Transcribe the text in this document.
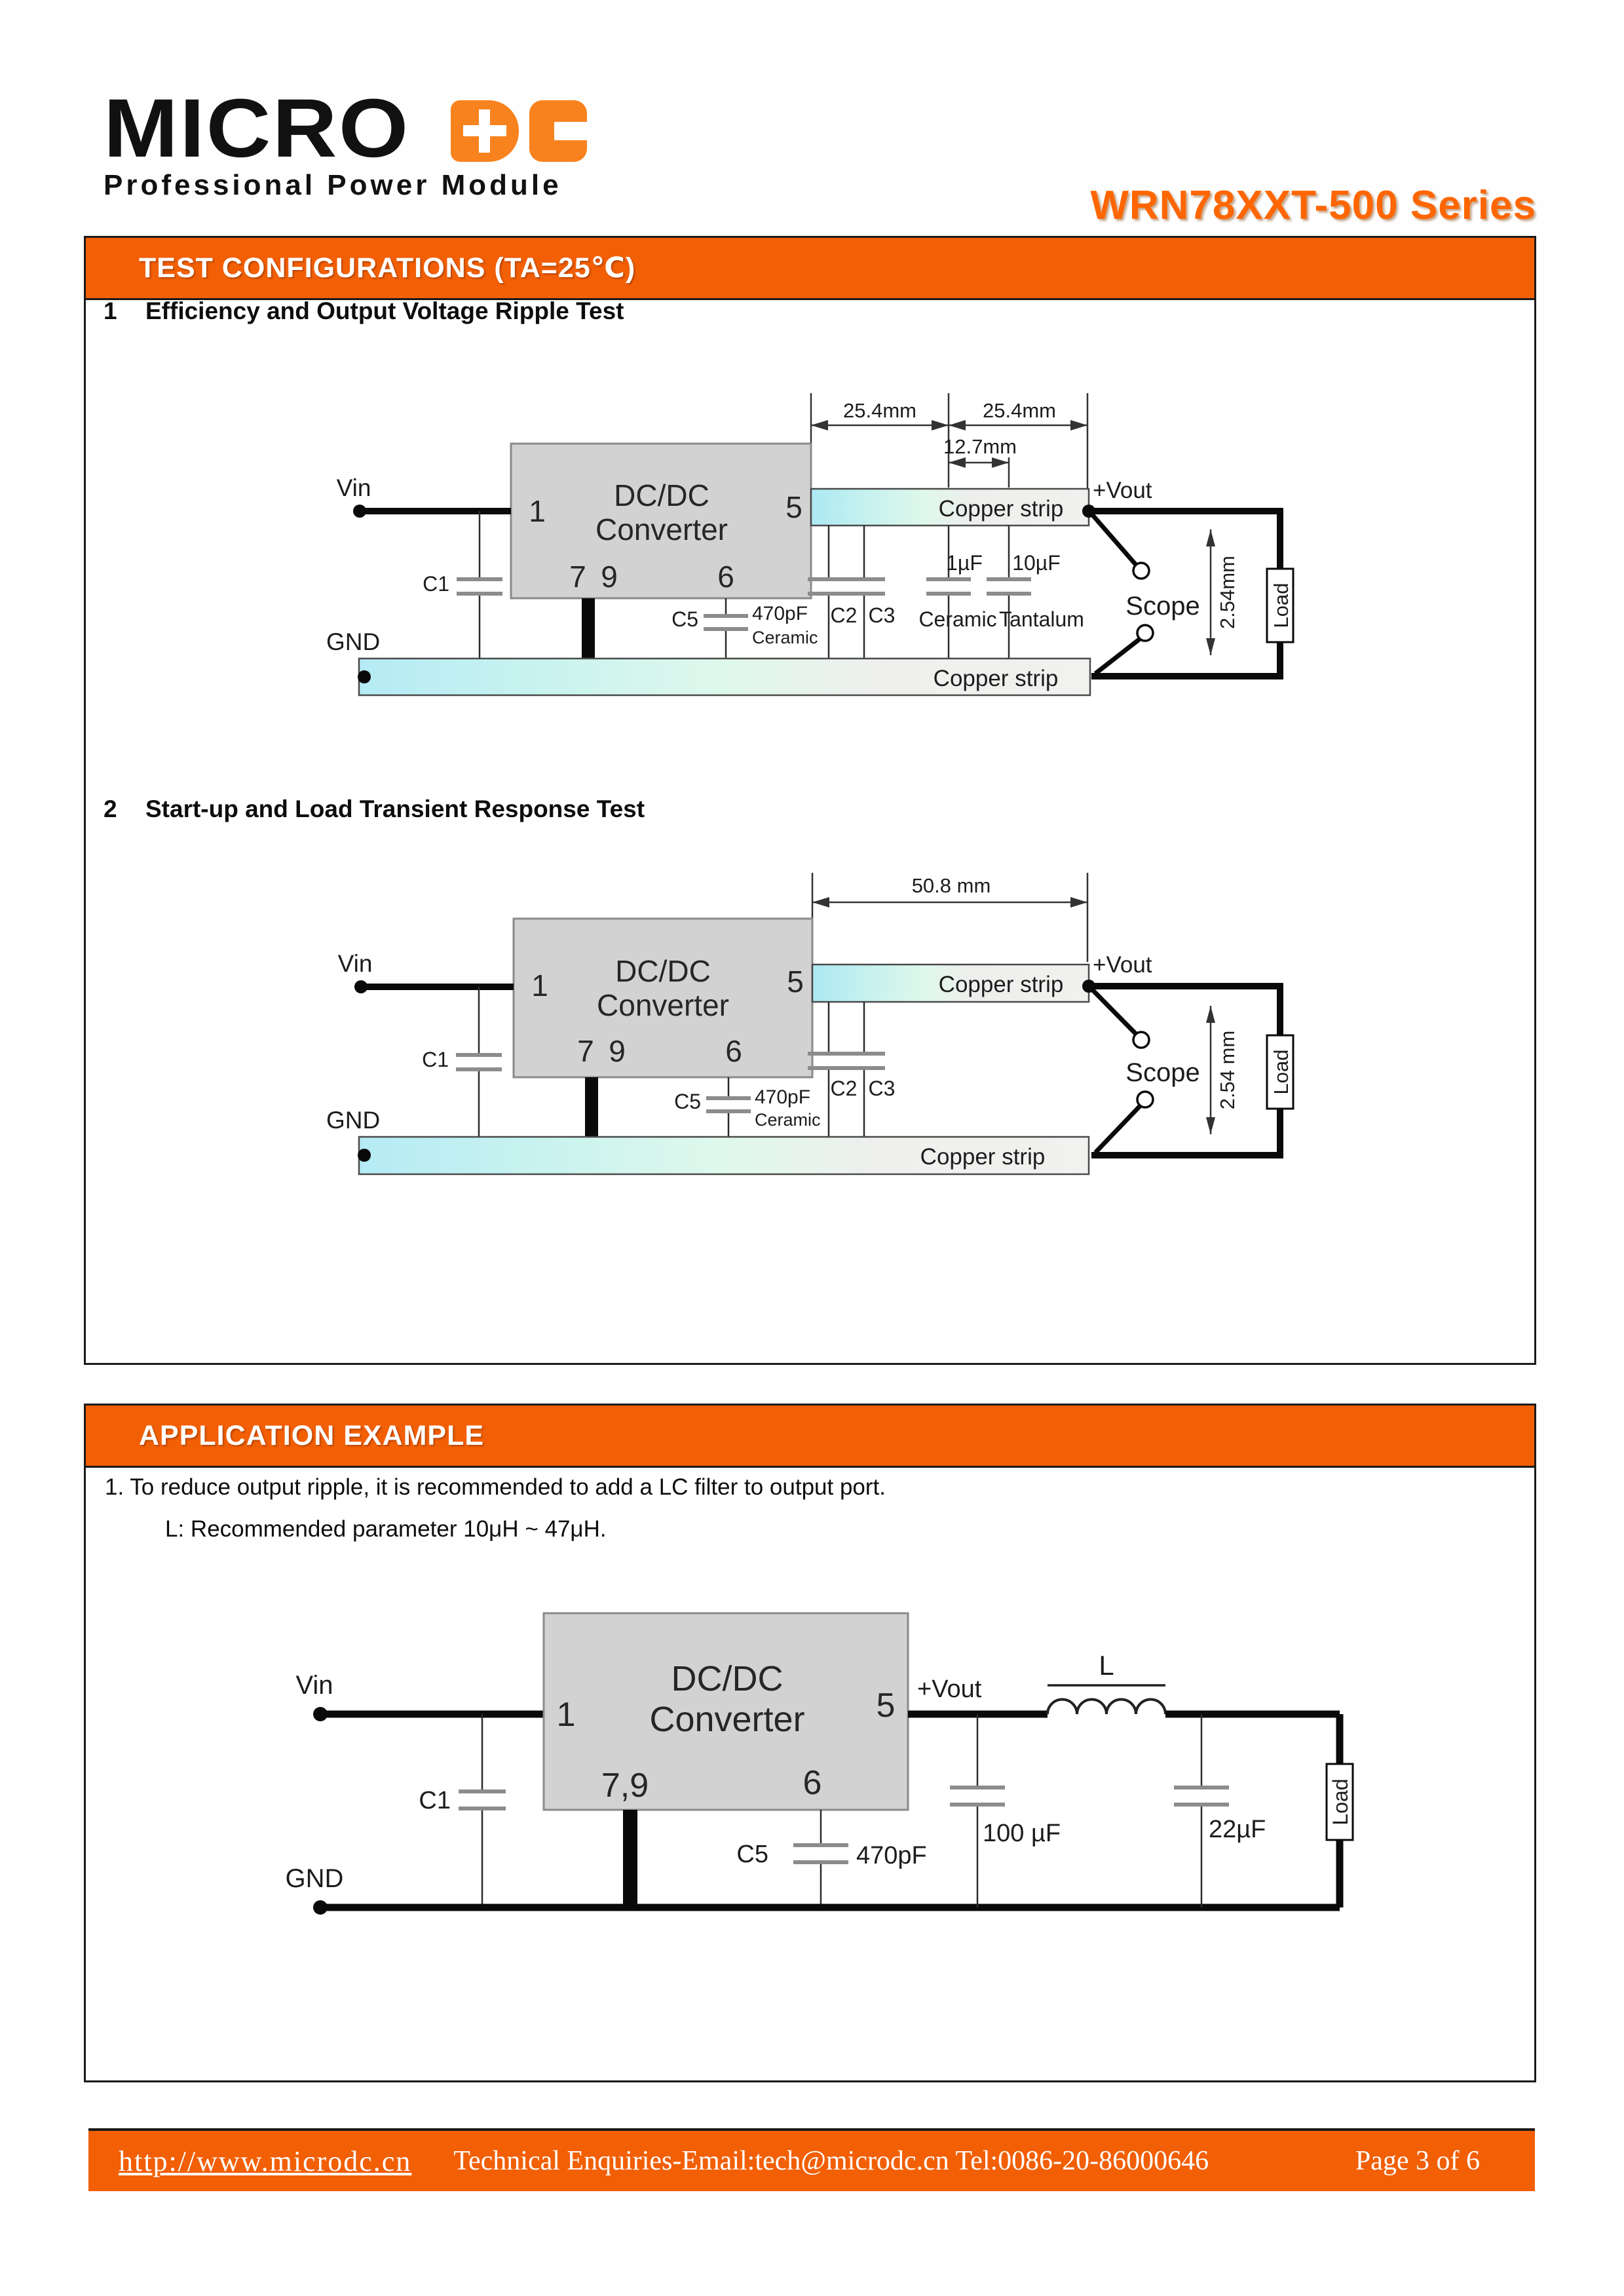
MICRO
Professional Power Module	WRN78XXT-500 Series
TEST CONFIGURATIONS (TA=25℃)
1	Efficiency and Output Voltage Ripple Test
25.4mm	25.4mm
12.7mm
DC/DC
Converter
1	5
7 9	6
Vin
C1
C5	470pF
Ceramic
Copper strip
+Vout
Load
Scope 2.54mm
C2 C3
1µF
Ceramic
10µF
Tantalum
GND
Copper strip
2	Start-up and Load Transient Response Test
50.8 mm
DC/DC
Converter
1	5
7 9	6
Vin
C1
C5	470pF
Ceramic
Copper strip
+Vout
Load
Scope 2.54 mm
C2 C3
GND
Copper strip
APPLICATION EXAMPLE
1. To reduce output ripple, it is recommended to add a LC filter to output port.
L: Recommended parameter 10μH ~ 47μH.
Vin	DC/DC
Converter
1	5
7,9	6
C1
C5	470pF
GND
+Vout
100 µF
L
Load
22µF
http://www.microdc.cn Technical Enquiries-Email:tech@microdc.cn Tel:0086-20-86000646	Page 3 of 6
